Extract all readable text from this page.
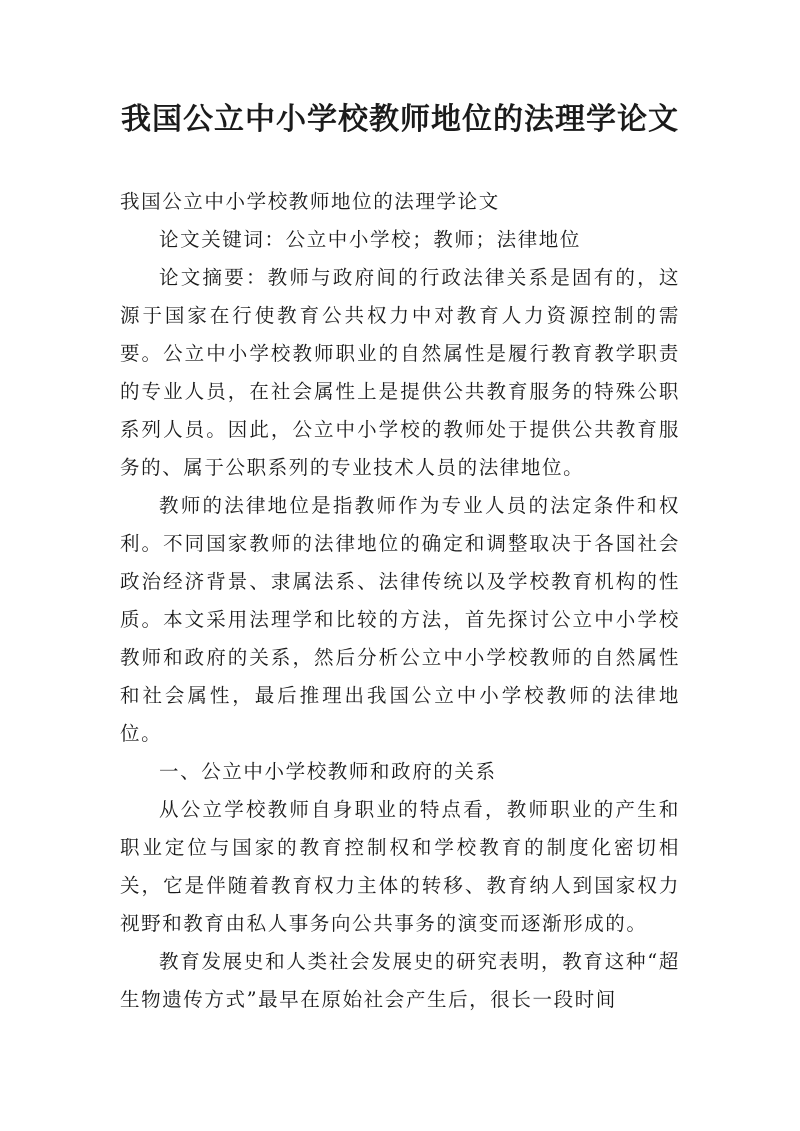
我国公立中小学校教师地位的法理学论文

我国公立中小学校教师地位的法理学论文

论文关键词：公立中小学校；教师；法律地位

论文摘要：教师与政府间的行政法律关系是固有的，这源于国家在行使教育公共权力中对教育人力资源控制的需要。公立中小学校教师职业的自然属性是履行教育教学职责的专业人员，在社会属性上是提供公共教育服务的特殊公职系列人员。因此，公立中小学校的教师处于提供公共教育服务的、属于公职系列的专业技术人员的法律地位。

教师的法律地位是指教师作为专业人员的法定条件和权利。不同国家教师的法律地位的确定和调整取决于各国社会政治经济背景、隶属法系、法律传统以及学校教育机构的性质。本文采用法理学和比较的方法，首先探讨公立中小学校教师和政府的关系，然后分析公立中小学校教师的自然属性和社会属性，最后推理出我国公立中小学校教师的法律地位。

一、公立中小学校教师和政府的关系

从公立学校教师自身职业的特点看，教师职业的产生和职业定位与国家的教育控制权和学校教育的制度化密切相关，它是伴随着教育权力主体的转移、教育纳人到国家权力视野和教育由私人事务向公共事务的演变而逐渐形成的。

教育发展史和人类社会发展史的研究表明，教育这种“超生物遗传方式”最早在原始社会产生后，很长一段时间
